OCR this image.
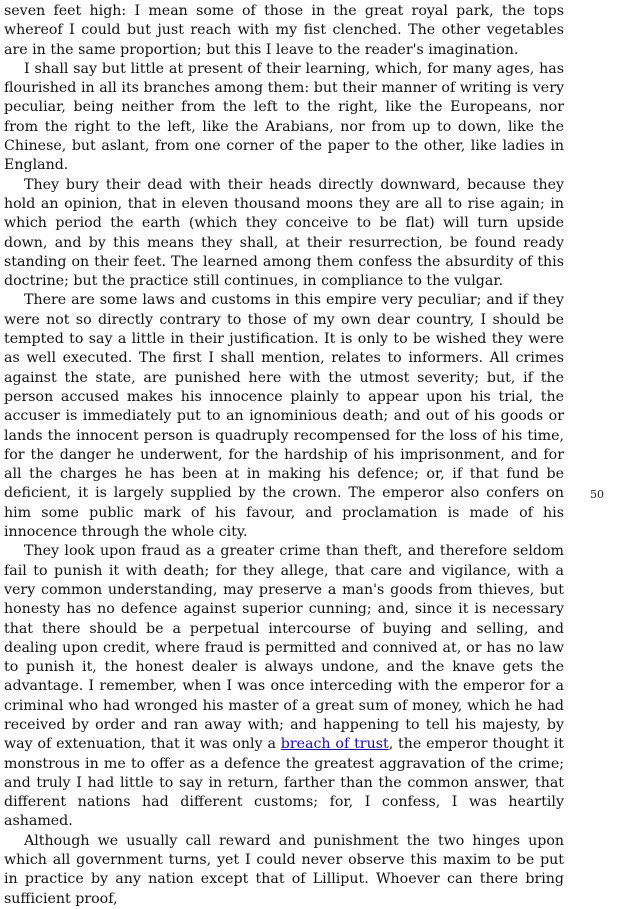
seven feet high: I mean some of those in the great royal park, the tops whereof I could but just reach with my fist clenched. The other vegetables are in the same proportion; but this I leave to the reader's imagination.

I shall say but little at present of their learning, which, for many ages, has flourished in all its branches among them: but their manner of writing is very peculiar, being neither from the left to the right, like the Europeans, nor from the right to the left, like the Arabians, nor from up to down, like the Chinese, but aslant, from one corner of the paper to the other, like ladies in England.

They bury their dead with their heads directly downward, because they hold an opinion, that in eleven thousand moons they are all to rise again; in which period the earth (which they conceive to be flat) will turn upside down, and by this means they shall, at their resurrection, be found ready standing on their feet. The learned among them confess the absurdity of this doctrine; but the practice still continues, in compliance to the vulgar.

There are some laws and customs in this empire very peculiar; and if they were not so directly contrary to those of my own dear country, I should be tempted to say a little in their justification. It is only to be wished they were as well executed. The first I shall mention, relates to informers. All crimes against the state, are punished here with the utmost severity; but, if the person accused makes his innocence plainly to appear upon his trial, the accuser is immediately put to an ignominious death; and out of his goods or lands the innocent person is quadruply recompensed for the loss of his time, for the danger he underwent, for the hardship of his imprisonment, and for all the charges he has been at in making his defence; or, if that fund be deficient, it is largely supplied by the crown. The emperor also confers on him some public mark of his favour, and proclamation is made of his innocence through the whole city.

They look upon fraud as a greater crime than theft, and therefore seldom fail to punish it with death; for they allege, that care and vigilance, with a very common understanding, may preserve a man's goods from thieves, but honesty has no defence against superior cunning; and, since it is necessary that there should be a perpetual intercourse of buying and selling, and dealing upon credit, where fraud is permitted and connived at, or has no law to punish it, the honest dealer is always undone, and the knave gets the advantage. I remember, when I was once interceding with the emperor for a criminal who had wronged his master of a great sum of money, which he had received by order and ran away with; and happening to tell his majesty, by way of extenuation, that it was only a breach of trust, the emperor thought it monstrous in me to offer as a defence the greatest aggravation of the crime; and truly I had little to say in return, farther than the common answer, that different nations had different customs; for, I confess, I was heartily ashamed.

Although we usually call reward and punishment the two hinges upon which all government turns, yet I could never observe this maxim to be put in practice by any nation except that of Lilliput. Whoever can there bring sufficient proof,

50
